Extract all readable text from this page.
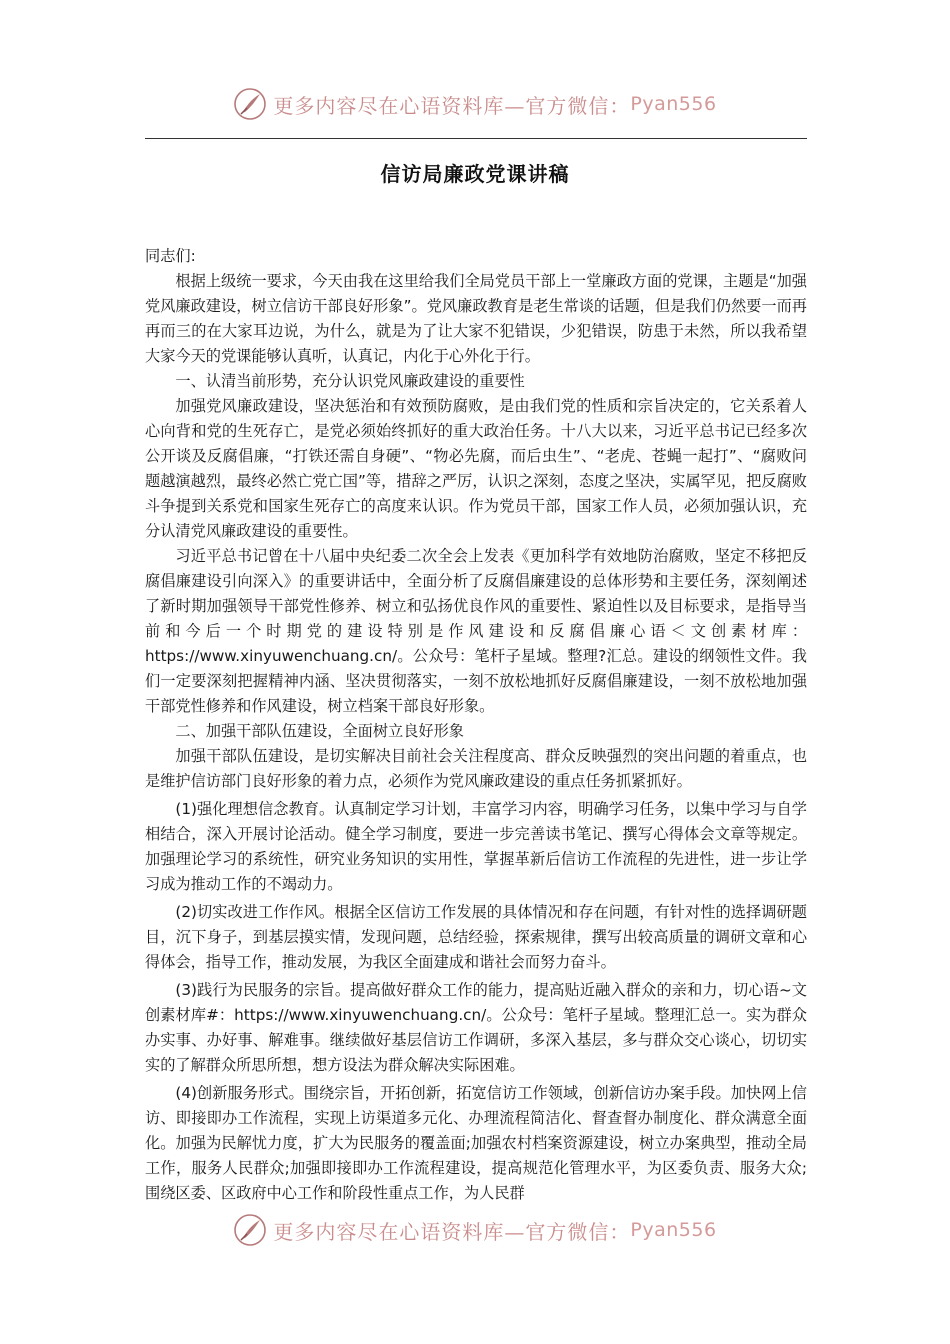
更多内容尽在心语资料库—官方微信： Pyan556
信访局廉政党课讲稿

同志们:

根据上级统一要求，今天由我在这里给我们全局党员干部上一堂廉政方面的党课，主题是“加强党风廉政建设，树立信访干部良好形象”。党风廉政教育是老生常谈的话题，但是我们仍然要一而再再而三的在大家耳边说，为什么，就是为了让大家不犯错误，少犯错误，防患于未然，所以我希望大家今天的党课能够认真听，认真记，内化于心外化于行。

一、认清当前形势，充分认识党风廉政建设的重要性

加强党风廉政建设，坚决惩治和有效预防腐败，是由我们党的性质和宗旨决定的，它关系着人心向背和党的生死存亡，是党必须始终抓好的重大政治任务。十八大以来，习近平总书记已经多次公开谈及反腐倡廉，“打铁还需自身硬”、“物必先腐，而后虫生”、“老虎、苍蝇一起打”、“腐败问题越演越烈，最终必然亡党亡国”等，措辞之严厉，认识之深刻，态度之坚决，实属罕见，把反腐败斗争提到关系党和国家生死存亡的高度来认识。作为党员干部，国家工作人员，必须加强认识，充分认清党风廉政建设的重要性。

习近平总书记曾在十八届中央纪委二次全会上发表《更加科学有效地防治腐败，坚定不移把反腐倡廉建设引向深入》的重要讲话中，全面分析了反腐倡廉建设的总体形势和主要任务，深刻阐述了新时期加强领导干部党性修养、树立和弘扬优良作风的重要性、紧迫性以及目标要求，是指导当前和今后一个时期党的建设特别是作风建设和反腐倡廉心语＜文创素材库：https://www.xinyuwenchuang.cn/。公众号：笔杆子星域。整理?汇总。建设的纲领性文件。我们一定要深刻把握精神内涵、坚决贯彻落实，一刻不放松地抓好反腐倡廉建设，一刻不放松地加强干部党性修养和作风建设，树立档案干部良好形象。

二、加强干部队伍建设，全面树立良好形象

加强干部队伍建设，是切实解决目前社会关注程度高、群众反映强烈的突出问题的着重点，也是维护信访部门良好形象的着力点，必须作为党风廉政建设的重点任务抓紧抓好。

(1)强化理想信念教育。认真制定学习计划，丰富学习内容，明确学习任务，以集中学习与自学相结合，深入开展讨论活动。健全学习制度，要进一步完善读书笔记、撰写心得体会文章等规定。加强理论学习的系统性，研究业务知识的实用性，掌握革新后信访工作流程的先进性，进一步让学习成为推动工作的不竭动力。

(2)切实改进工作作风。根据全区信访工作发展的具体情况和存在问题，有针对性的选择调研题目，沉下身子，到基层摸实情，发现问题，总结经验，探索规律，撰写出较高质量的调研文章和心得体会，指导工作，推动发展，为我区全面建成和谐社会而努力奋斗。

(3)践行为民服务的宗旨。提高做好群众工作的能力，提高贴近融入群众的亲和力，切心语~文创素材库#：https://www.xinyuwenchuang.cn/。公众号：笔杆子星域。整理汇总一。实为群众办实事、办好事、解难事。继续做好基层信访工作调研，多深入基层，多与群众交心谈心，切切实实的了解群众所思所想，想方设法为群众解决实际困难。

(4)创新服务形式。围绕宗旨，开拓创新，拓宽信访工作领域，创新信访办案手段。加快网上信访、即接即办工作流程，实现上访渠道多元化、办理流程简洁化、督查督办制度化、群众满意全面化。加强为民解忧力度，扩大为民服务的覆盖面;加强农村档案资源建设，树立办案典型，推动全局工作，服务人民群众;加强即接即办工作流程建设，提高规范化管理水平，为区委负责、服务大众;围绕区委、区政府中心工作和阶段性重点工作，为人民群

更多内容尽在心语资料库—官方微信： Pyan556
